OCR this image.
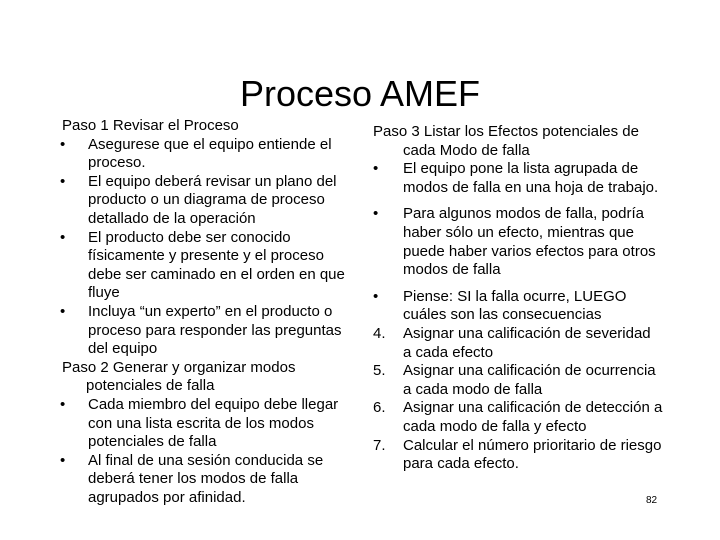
Proceso AMEF

Paso 1 Revisar el Proceso

•	Asegurese que el equipo entiende el proceso.

•	El equipo deberá revisar un plano del producto o un diagrama de proceso detallado de la operación

•	El producto debe ser conocido físicamente y presente y el proceso debe ser caminado en el orden en que fluye

•	Incluya “un experto” en el producto o proceso para responder las preguntas del equipo

Paso 2 Generar y organizar modos potenciales de falla

•	Cada miembro del equipo debe llegar con una lista escrita de los modos potenciales de falla

•	Al final de una sesión conducida se deberá tener los modos de falla agrupados por afinidad.

Paso 3 Listar los Efectos potenciales de cada Modo de falla

•	El equipo pone la lista agrupada de modos de falla en una hoja de trabajo.

•	Para algunos modos de falla, podría haber sólo un efecto, mientras que puede haber varios efectos para otros modos de falla

•	Piense: SI la falla ocurre, LUEGO cuáles son las consecuencias

4.	Asignar una calificación de severidad a cada efecto

5.	Asignar una calificación de ocurrencia a cada modo de falla

6.	Asignar una calificación de detección a cada modo de falla y efecto

7.	Calcular el número prioritario de riesgo para cada efecto.

82
